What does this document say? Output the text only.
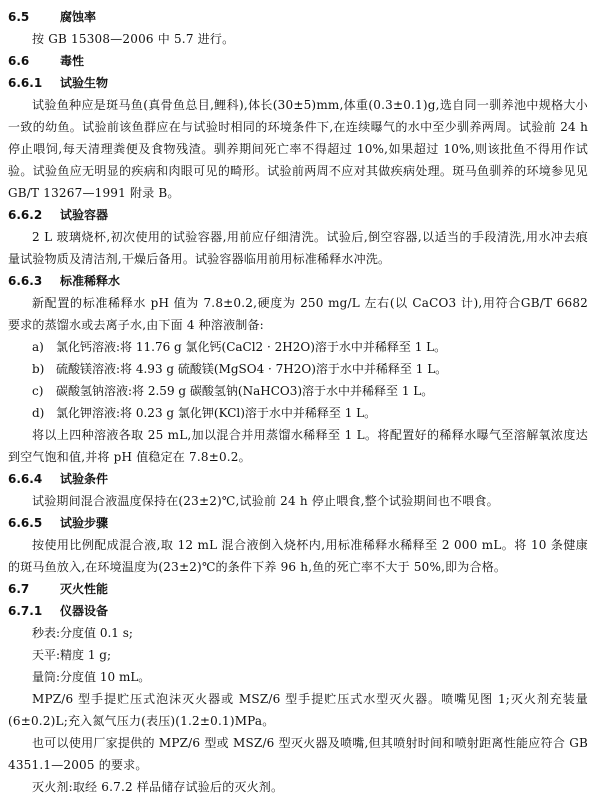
6.5	腐蚀率

按 GB 15308—2006 中 5.7 进行。

6.6	毒性
6.6.1	试验生物

试验鱼种应是斑马鱼(真骨鱼总目,鲤科),体长(30±5)mm,体重(0.3±0.1)g,选自同一驯养池中规格大小一致的幼鱼。试验前该鱼群应在与试验时相同的环境条件下,在连续曝气的水中至少驯养两周。试验前 24 h 停止喂饲,每天清理粪便及食物残渣。驯养期间死亡率不得超过 10%,如果超过 10%,则该批鱼不得用作试验。试验鱼应无明显的疾病和肉眼可见的畸形。试验前两周不应对其做疾病处理。斑马鱼驯养的环境参见见 GB/T 13267—1991 附录 B。

6.6.2	试验容器

2 L 玻璃烧杯,初次使用的试验容器,用前应仔细清洗。试验后,倒空容器,以适当的手段清洗,用水冲去痕量试验物质及清洁剂,干燥后备用。试验容器临用前用标准稀释水冲洗。

6.6.3	标准稀释水

新配置的标准稀释水 pH 值为 7.8±0.2,硬度为 250 mg/L 左右(以 CaCO3 计),用符合GB/T 6682 要求的蒸馏水或去离子水,由下面 4 种溶液制备:

a)	氯化钙溶液:将 11.76 g 氯化钙(CaCl2 · 2H2O)溶于水中并稀释至 1 L。
b) 硫酸镁溶液:将 4.93 g 硫酸镁(MgSO4 · 7H2O)溶于水中并稀释至 1 L。
c)	碳酸氢钠溶液:将 2.59 g 碳酸氢钠(NaHCO3)溶于水中并稀释至 1 L。
d) 氯化钾溶液:将 0.23 g 氯化钾(KCl)溶于水中并稀释至 1 L。

将以上四种溶液各取 25 mL,加以混合并用蒸馏水稀释至 1 L。将配置好的稀释水曝气至溶解氧浓度达到空气饱和值,并将 pH 值稳定在 7.8±0.2。

6.6.4	试验条件

试验期间混合液温度保持在(23±2)℃,试验前 24 h 停止喂食,整个试验期间也不喂食。

6.6.5	试验步骤

按使用比例配成混合液,取 12 mL 混合液倒入烧杯内,用标准稀释水稀释至 2 000 mL。将 10 条健康的斑马鱼放入,在环境温度为(23±2)℃的条件下养 96 h,鱼的死亡率不大于 50%,即为合格。

6.7	灭火性能
6.7.1	仪器设备
秒表:分度值 0.1 s;
天平:精度 1 g;
量筒:分度值 10 mL。

MPZ/6 型手提贮压式泡沫灭火器或 MSZ/6 型手提贮压式水型灭火器。喷嘴见图 1;灭火剂充装量(6±0.2)L;充入氮气压力(表压)(1.2±0.1)MPa。

也可以使用厂家提供的 MPZ/6 型或 MSZ/6 型灭火器及喷嘴,但其喷射时间和喷射距离性能应符合 GB 4351.1—2005 的要求。

灭火剂:取经 6.7.2 样品储存试验后的灭火剂。
